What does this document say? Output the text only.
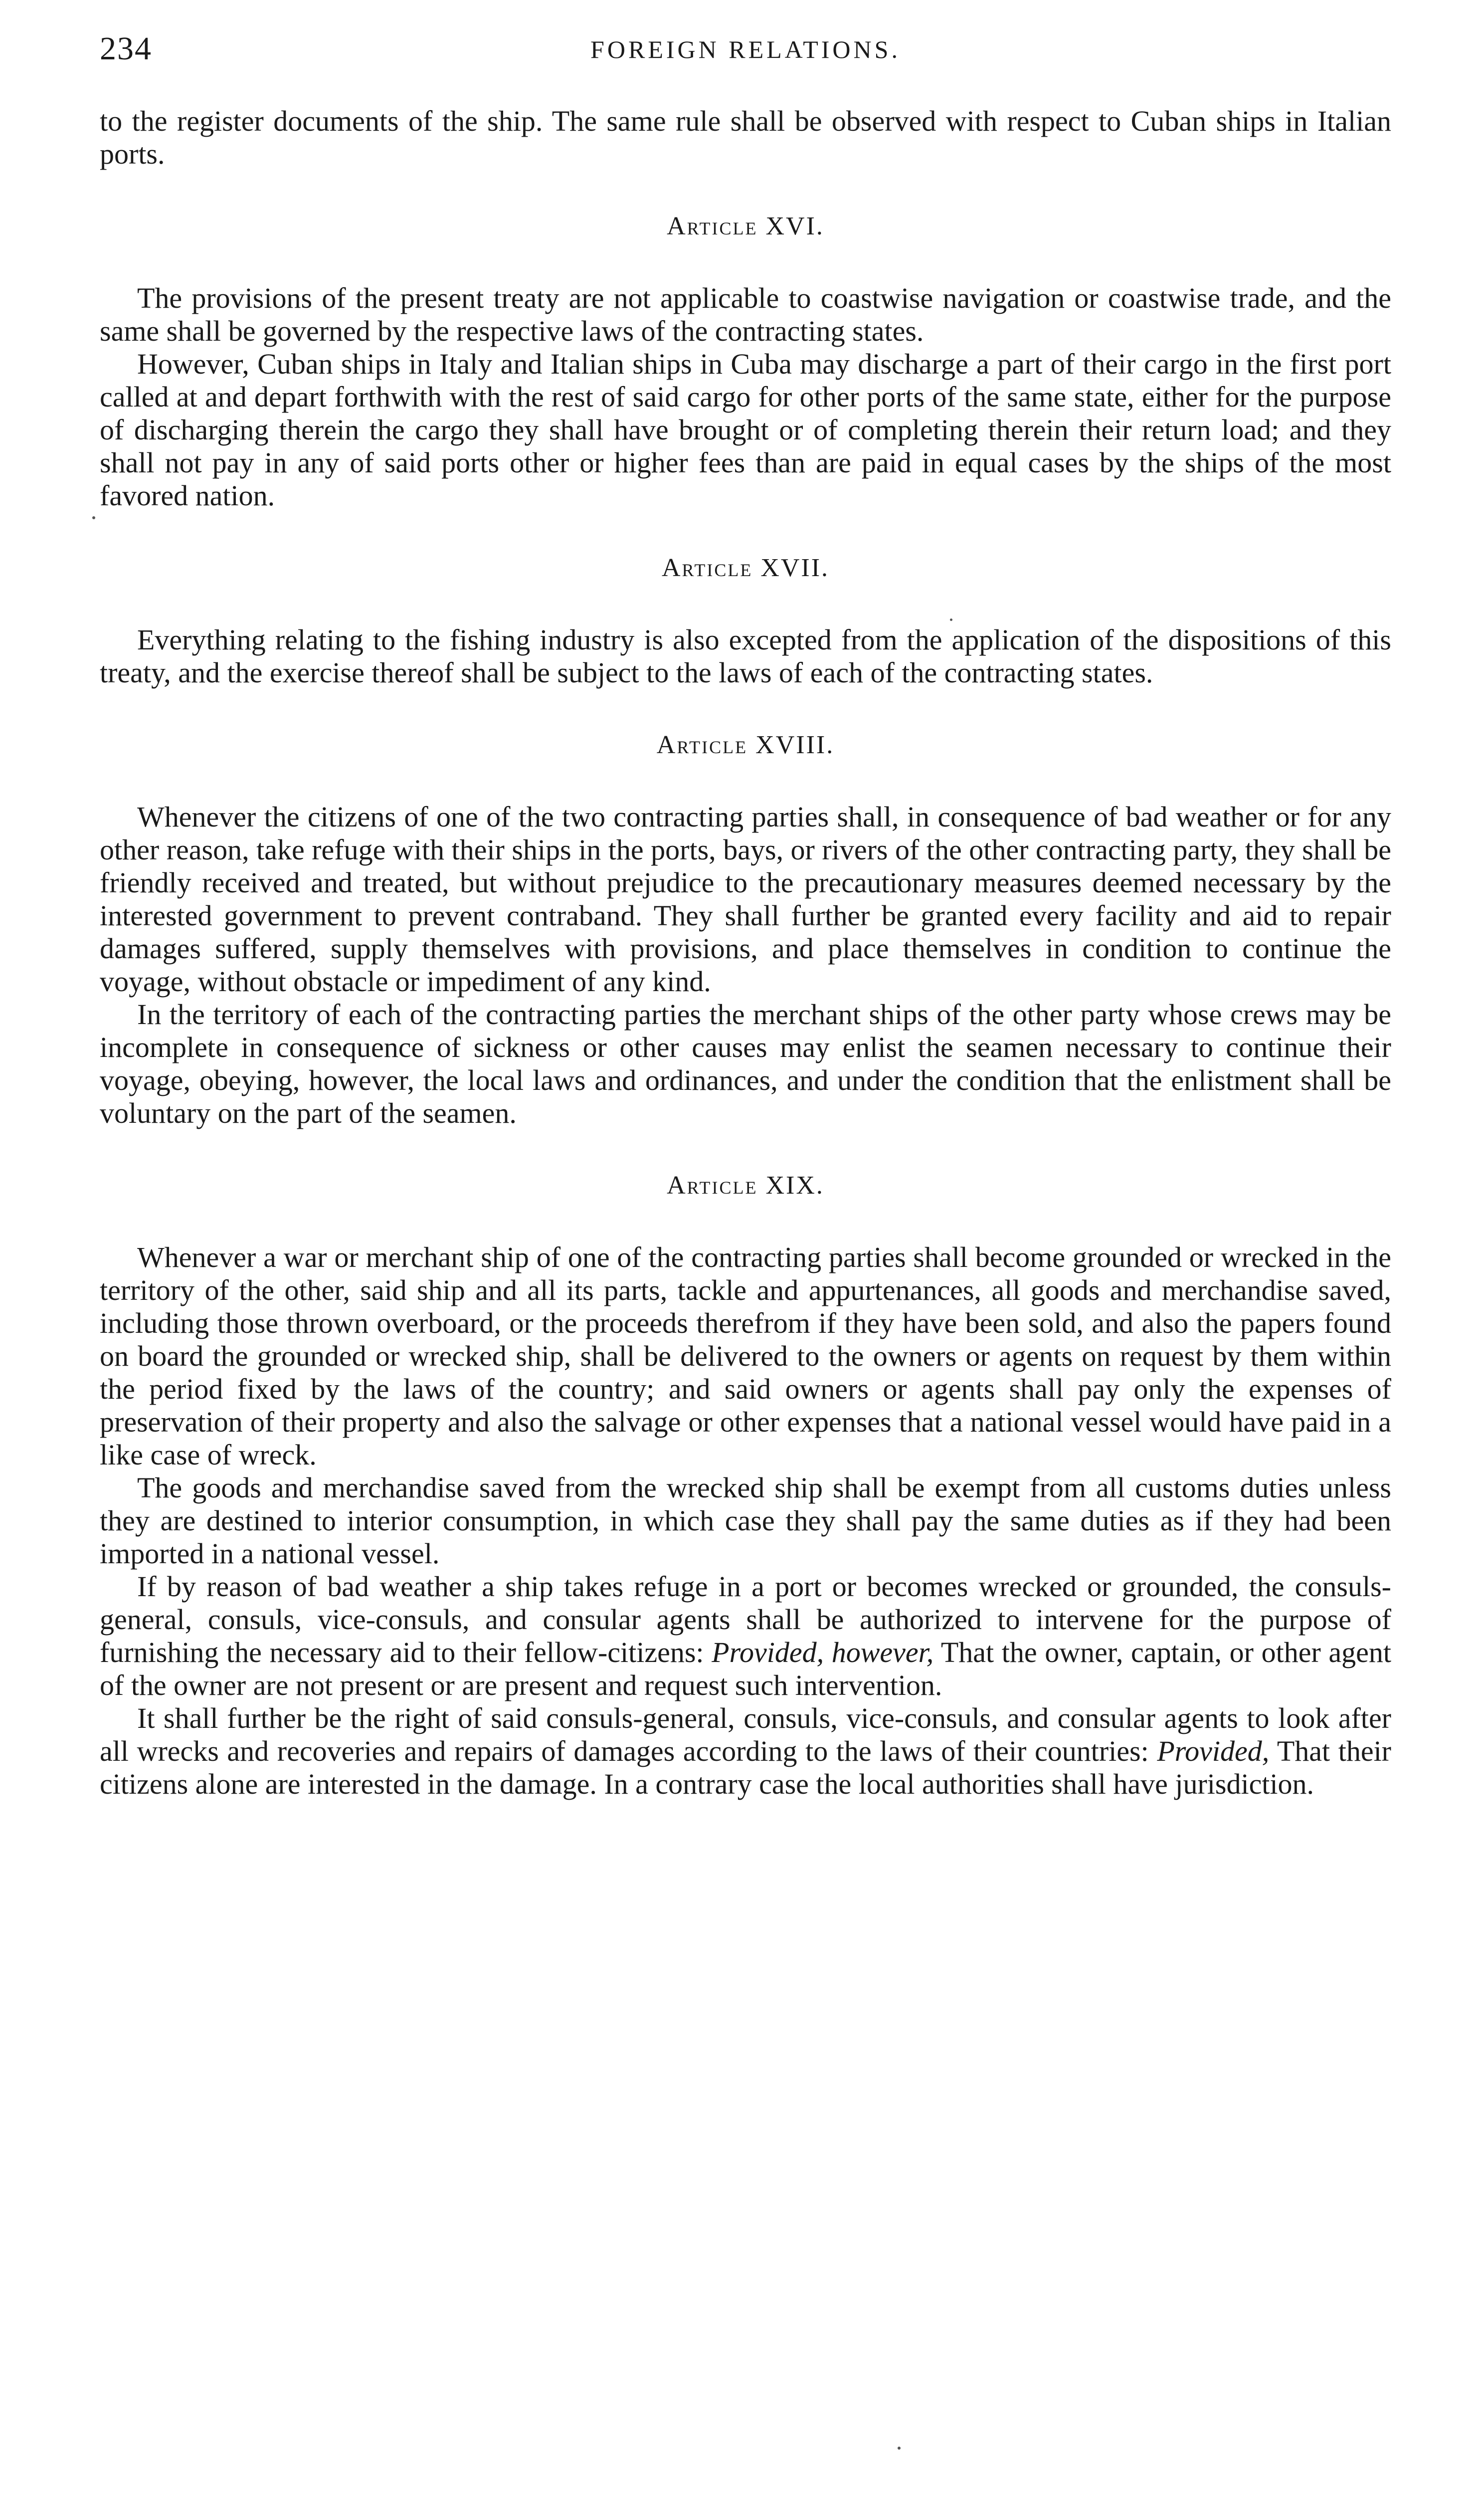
234	FOREIGN RELATIONS.

to the register documents of the ship. The same rule shall be observed with respect to Cuban ships in Italian ports.

Article XVI.

The provisions of the present treaty are not applicable to coastwise navigation or coastwise trade, and the same shall be governed by the respective laws of the contracting states.

However, Cuban ships in Italy and Italian ships in Cuba may discharge a part of their cargo in the first port called at and depart forthwith with the rest of said cargo for other ports of the same state, either for the purpose of discharging therein the cargo they shall have brought or of completing therein their return load; and they shall not pay in any of said ports other or higher fees than are paid in equal cases by the ships of the most favored nation.

Article XVII.

Everything relating to the fishing industry is also excepted from the application of the dispositions of this treaty, and the exercise thereof shall be subject to the laws of each of the contracting states.

Article XVIII.

Whenever the citizens of one of the two contracting parties shall, in consequence of bad weather or for any other reason, take refuge with their ships in the ports, bays, or rivers of the other contracting party, they shall be friendly received and treated, but without prejudice to the precautionary measures deemed necessary by the interested government to prevent contraband. They shall further be granted every facility and aid to repair damages suffered, supply themselves with provisions, and place themselves in condition to continue the voyage, without obstacle or impediment of any kind.

In the territory of each of the contracting parties the merchant ships of the other party whose crews may be incomplete in consequence of sickness or other causes may enlist the seamen necessary to continue their voyage, obeying, however, the local laws and ordinances, and under the condition that the enlistment shall be voluntary on the part of the seamen.

Article XIX.

Whenever a war or merchant ship of one of the contracting parties shall become grounded or wrecked in the territory of the other, said ship and all its parts, tackle and appurtenances, all goods and merchandise saved, including those thrown overboard, or the proceeds therefrom if they have been sold, and also the papers found on board the grounded or wrecked ship, shall be delivered to the owners or agents on request by them within the period fixed by the laws of the country; and said owners or agents shall pay only the expenses of preservation of their property and also the salvage or other expenses that a national vessel would have paid in a like case of wreck.

The goods and merchandise saved from the wrecked ship shall be exempt from all customs duties unless they are destined to interior consumption, in which case they shall pay the same duties as if they had been imported in a national vessel.

If by reason of bad weather a ship takes refuge in a port or becomes wrecked or grounded, the consuls-general, consuls, vice-consuls, and consular agents shall be authorized to intervene for the purpose of furnishing the necessary aid to their fellow-citizens: Provided, however, That the owner, captain, or other agent of the owner are not present or are present and request such intervention.

It shall further be the right of said consuls-general, consuls, vice-consuls, and consular agents to look after all wrecks and recoveries and repairs of damages according to the laws of their countries: Provided, That their citizens alone are interested in the damage. In a contrary case the local authorities shall have jurisdiction.
